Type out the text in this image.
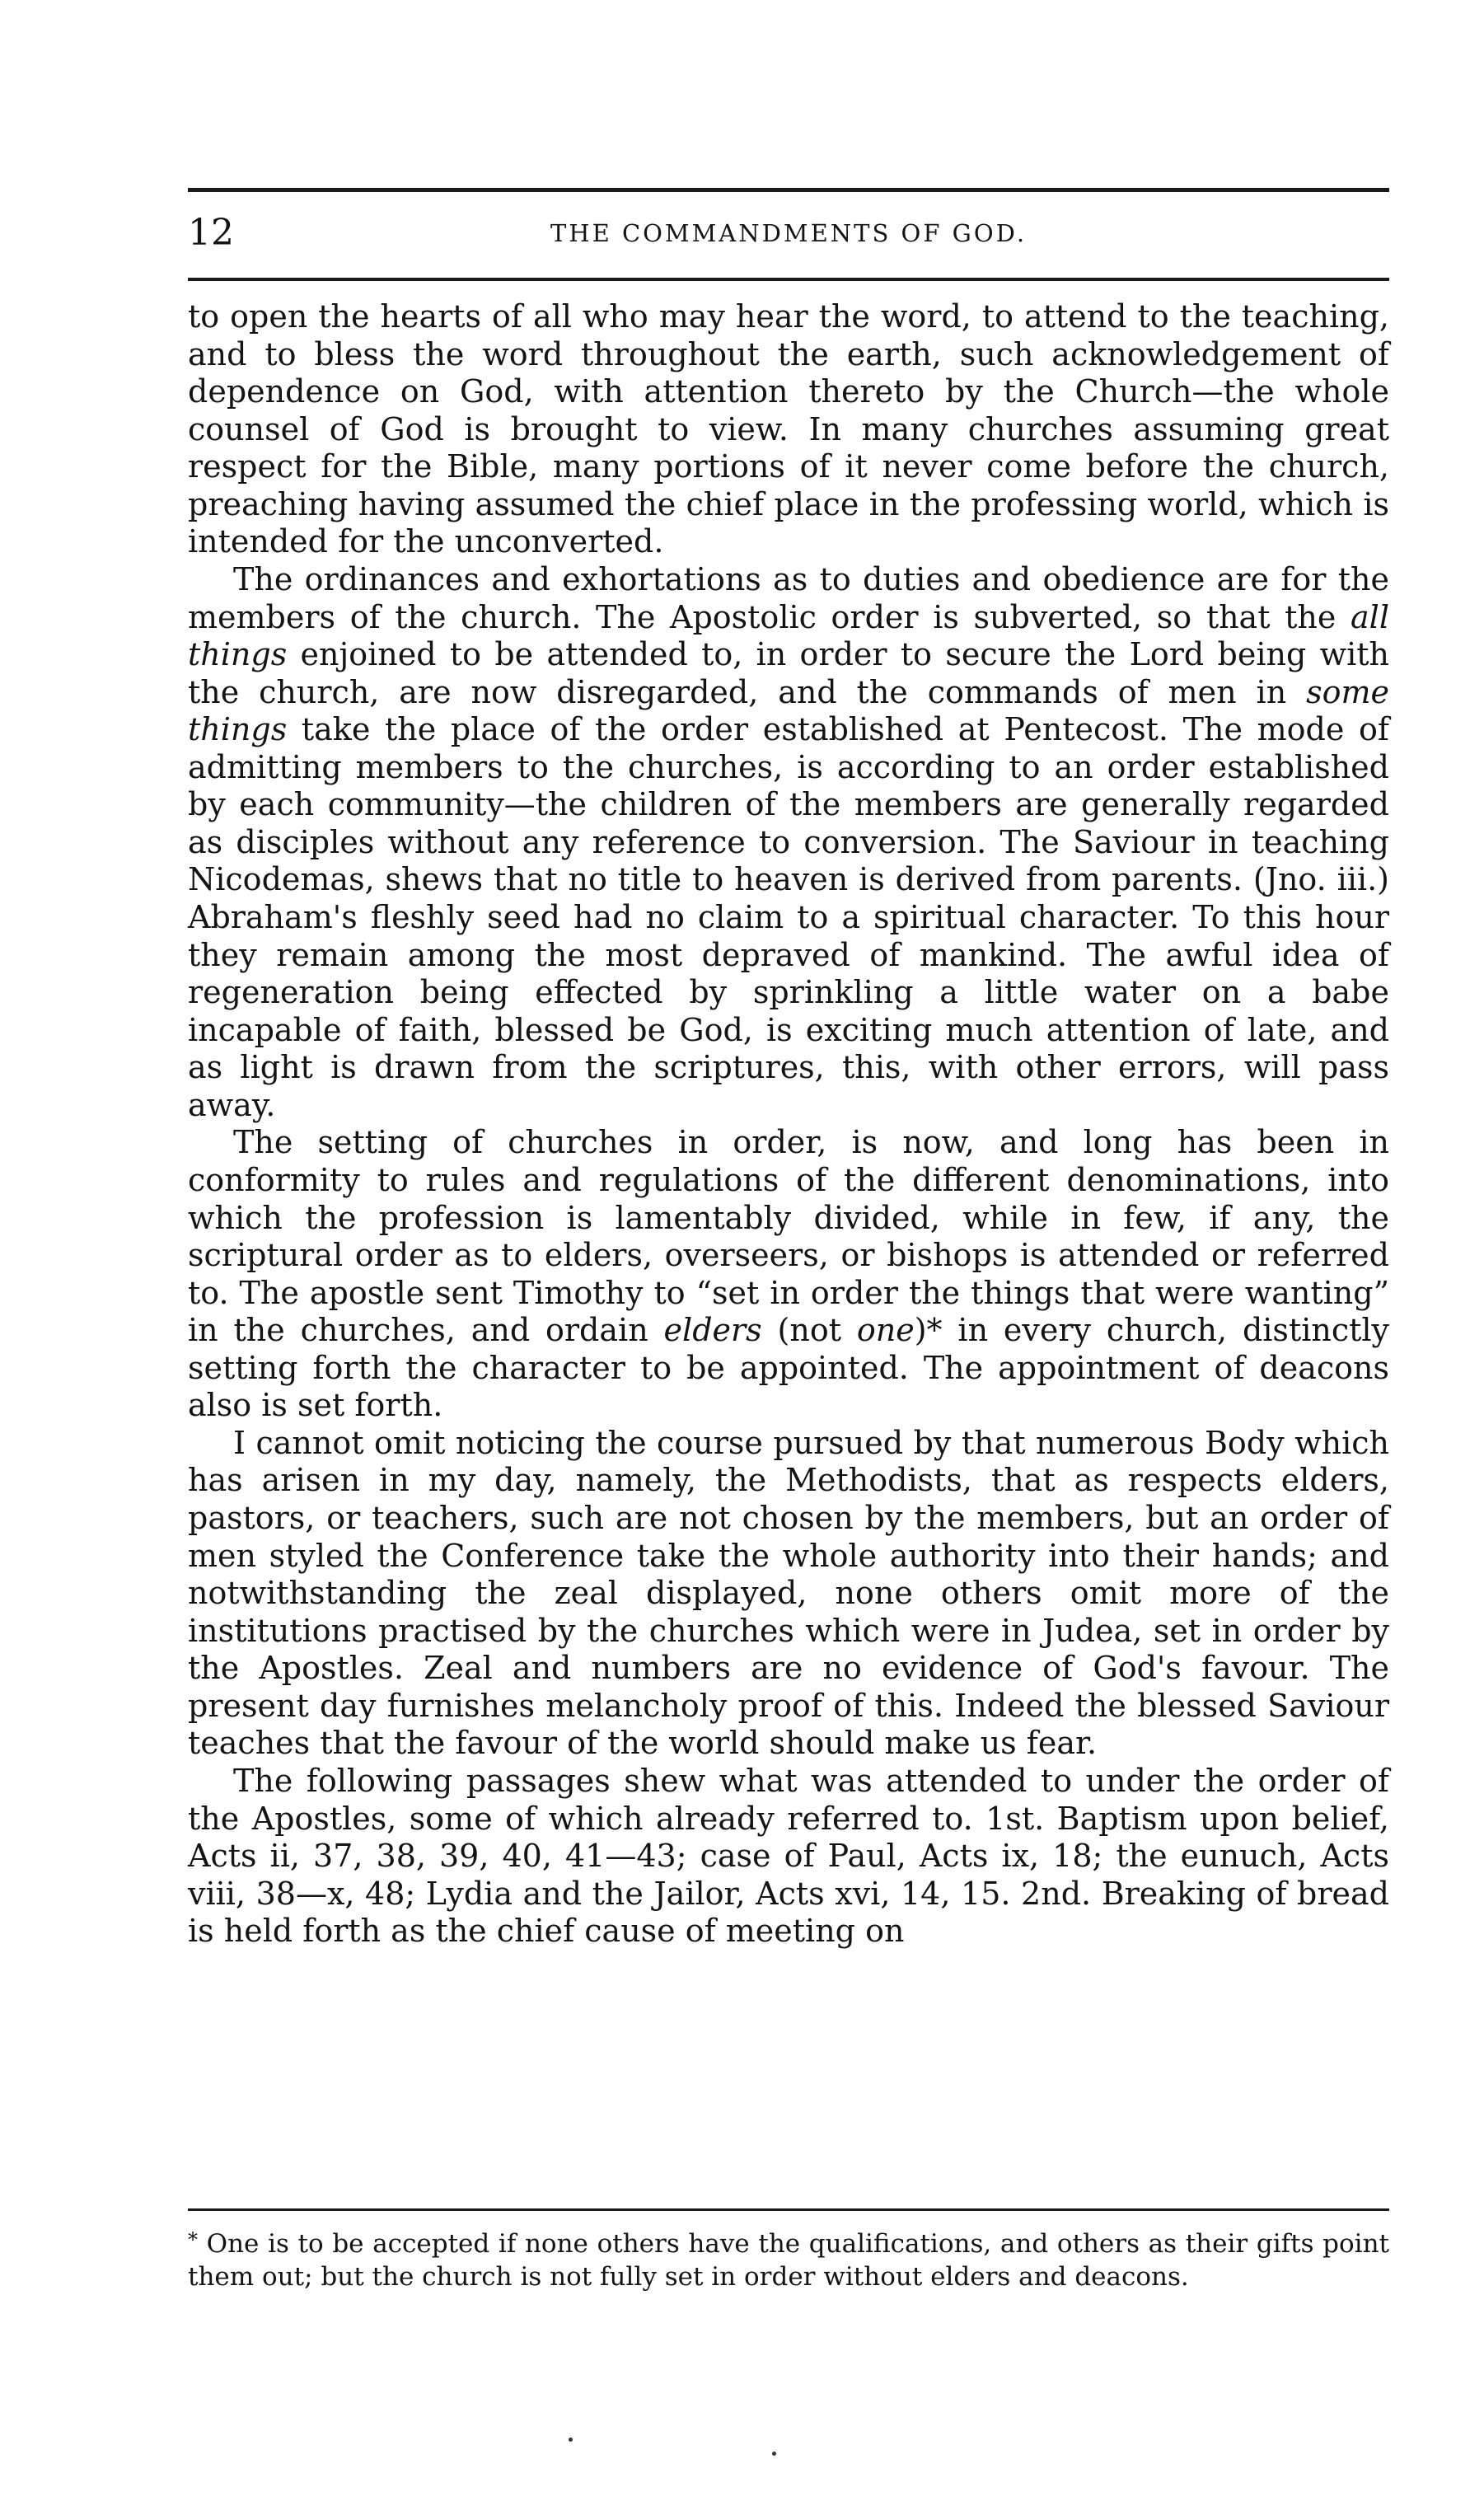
12	THE COMMANDMENTS OF GOD.

to open the hearts of all who may hear the word, to attend to the teaching, and to bless the word throughout the earth, such acknowledgement of dependence on God, with attention thereto by the Church—the whole counsel of God is brought to view. In many churches assuming great respect for the Bible, many portions of it never come before the church, preaching having assumed the chief place in the professing world, which is intended for the unconverted.

The ordinances and exhortations as to duties and obedience are for the members of the church. The Apostolic order is subverted, so that the all things enjoined to be attended to, in order to secure the Lord being with the church, are now disregarded, and the commands of men in some things take the place of the order established at Pentecost. The mode of admitting members to the churches, is according to an order established by each community—the children of the members are generally regarded as disciples without any reference to conversion. The Saviour in teaching Nicodemas, shews that no title to heaven is derived from parents. (Jno. iii.) Abraham's fleshly seed had no claim to a spiritual character. To this hour they remain among the most depraved of mankind. The awful idea of regeneration being effected by sprinkling a little water on a babe incapable of faith, blessed be God, is exciting much attention of late, and as light is drawn from the scriptures, this, with other errors, will pass away.

The setting of churches in order, is now, and long has been in conformity to rules and regulations of the different denominations, into which the profession is lamentably divided, while in few, if any, the scriptural order as to elders, overseers, or bishops is attended or referred to. The apostle sent Timothy to “set in order the things that were wanting” in the churches, and ordain elders (not one)* in every church, distinctly setting forth the character to be appointed. The appointment of deacons also is set forth.

I cannot omit noticing the course pursued by that numerous Body which has arisen in my day, namely, the Methodists, that as respects elders, pastors, or teachers, such are not chosen by the members, but an order of men styled the Conference take the whole authority into their hands; and notwithstanding the zeal displayed, none others omit more of the institutions practised by the churches which were in Judea, set in order by the Apostles. Zeal and numbers are no evidence of God's favour. The present day furnishes melancholy proof of this. Indeed the blessed Saviour teaches that the favour of the world should make us fear.

The following passages shew what was attended to under the order of the Apostles, some of which already referred to. 1st. Baptism upon belief, Acts ii, 37, 38, 39, 40, 41—43; case of Paul, Acts ix, 18; the eunuch, Acts viii, 38—x, 48; Lydia and the Jailor, Acts xvi, 14, 15. 2nd. Breaking of bread is held forth as the chief cause of meeting on

* One is to be accepted if none others have the qualifications, and others as their gifts point them out; but the church is not fully set in order without elders and deacons.
